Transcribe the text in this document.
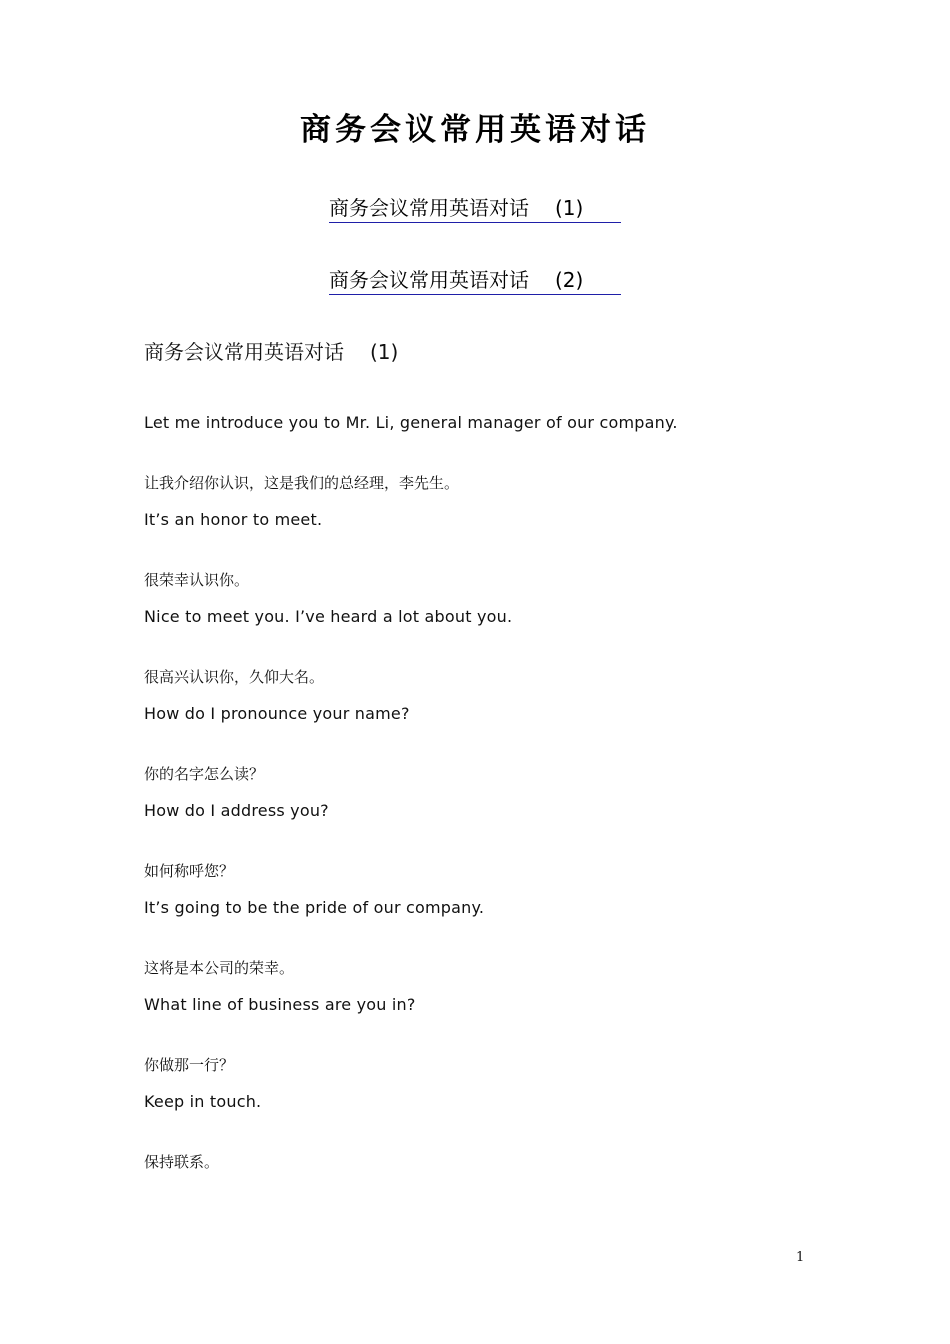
商务会议常用英语对话
商务会议常用英语对话 (1)
商务会议常用英语对话 (2)
商务会议常用英语对话 (1)

Let me introduce you to Mr. Li, general manager of our company.

让我介绍你认识，这是我们的总经理，李先生。

It’s an honor to meet.

很荣幸认识你。

Nice to meet you. I’ve heard a lot about you.

很高兴认识你，久仰大名。

How do I pronounce your name?

你的名字怎么读？

How do I address you?

如何称呼您？

It’s going to be the pride of our company.

这将是本公司的荣幸。

What line of business are you in?

你做那一行？

Keep in touch.

保持联系。

1
